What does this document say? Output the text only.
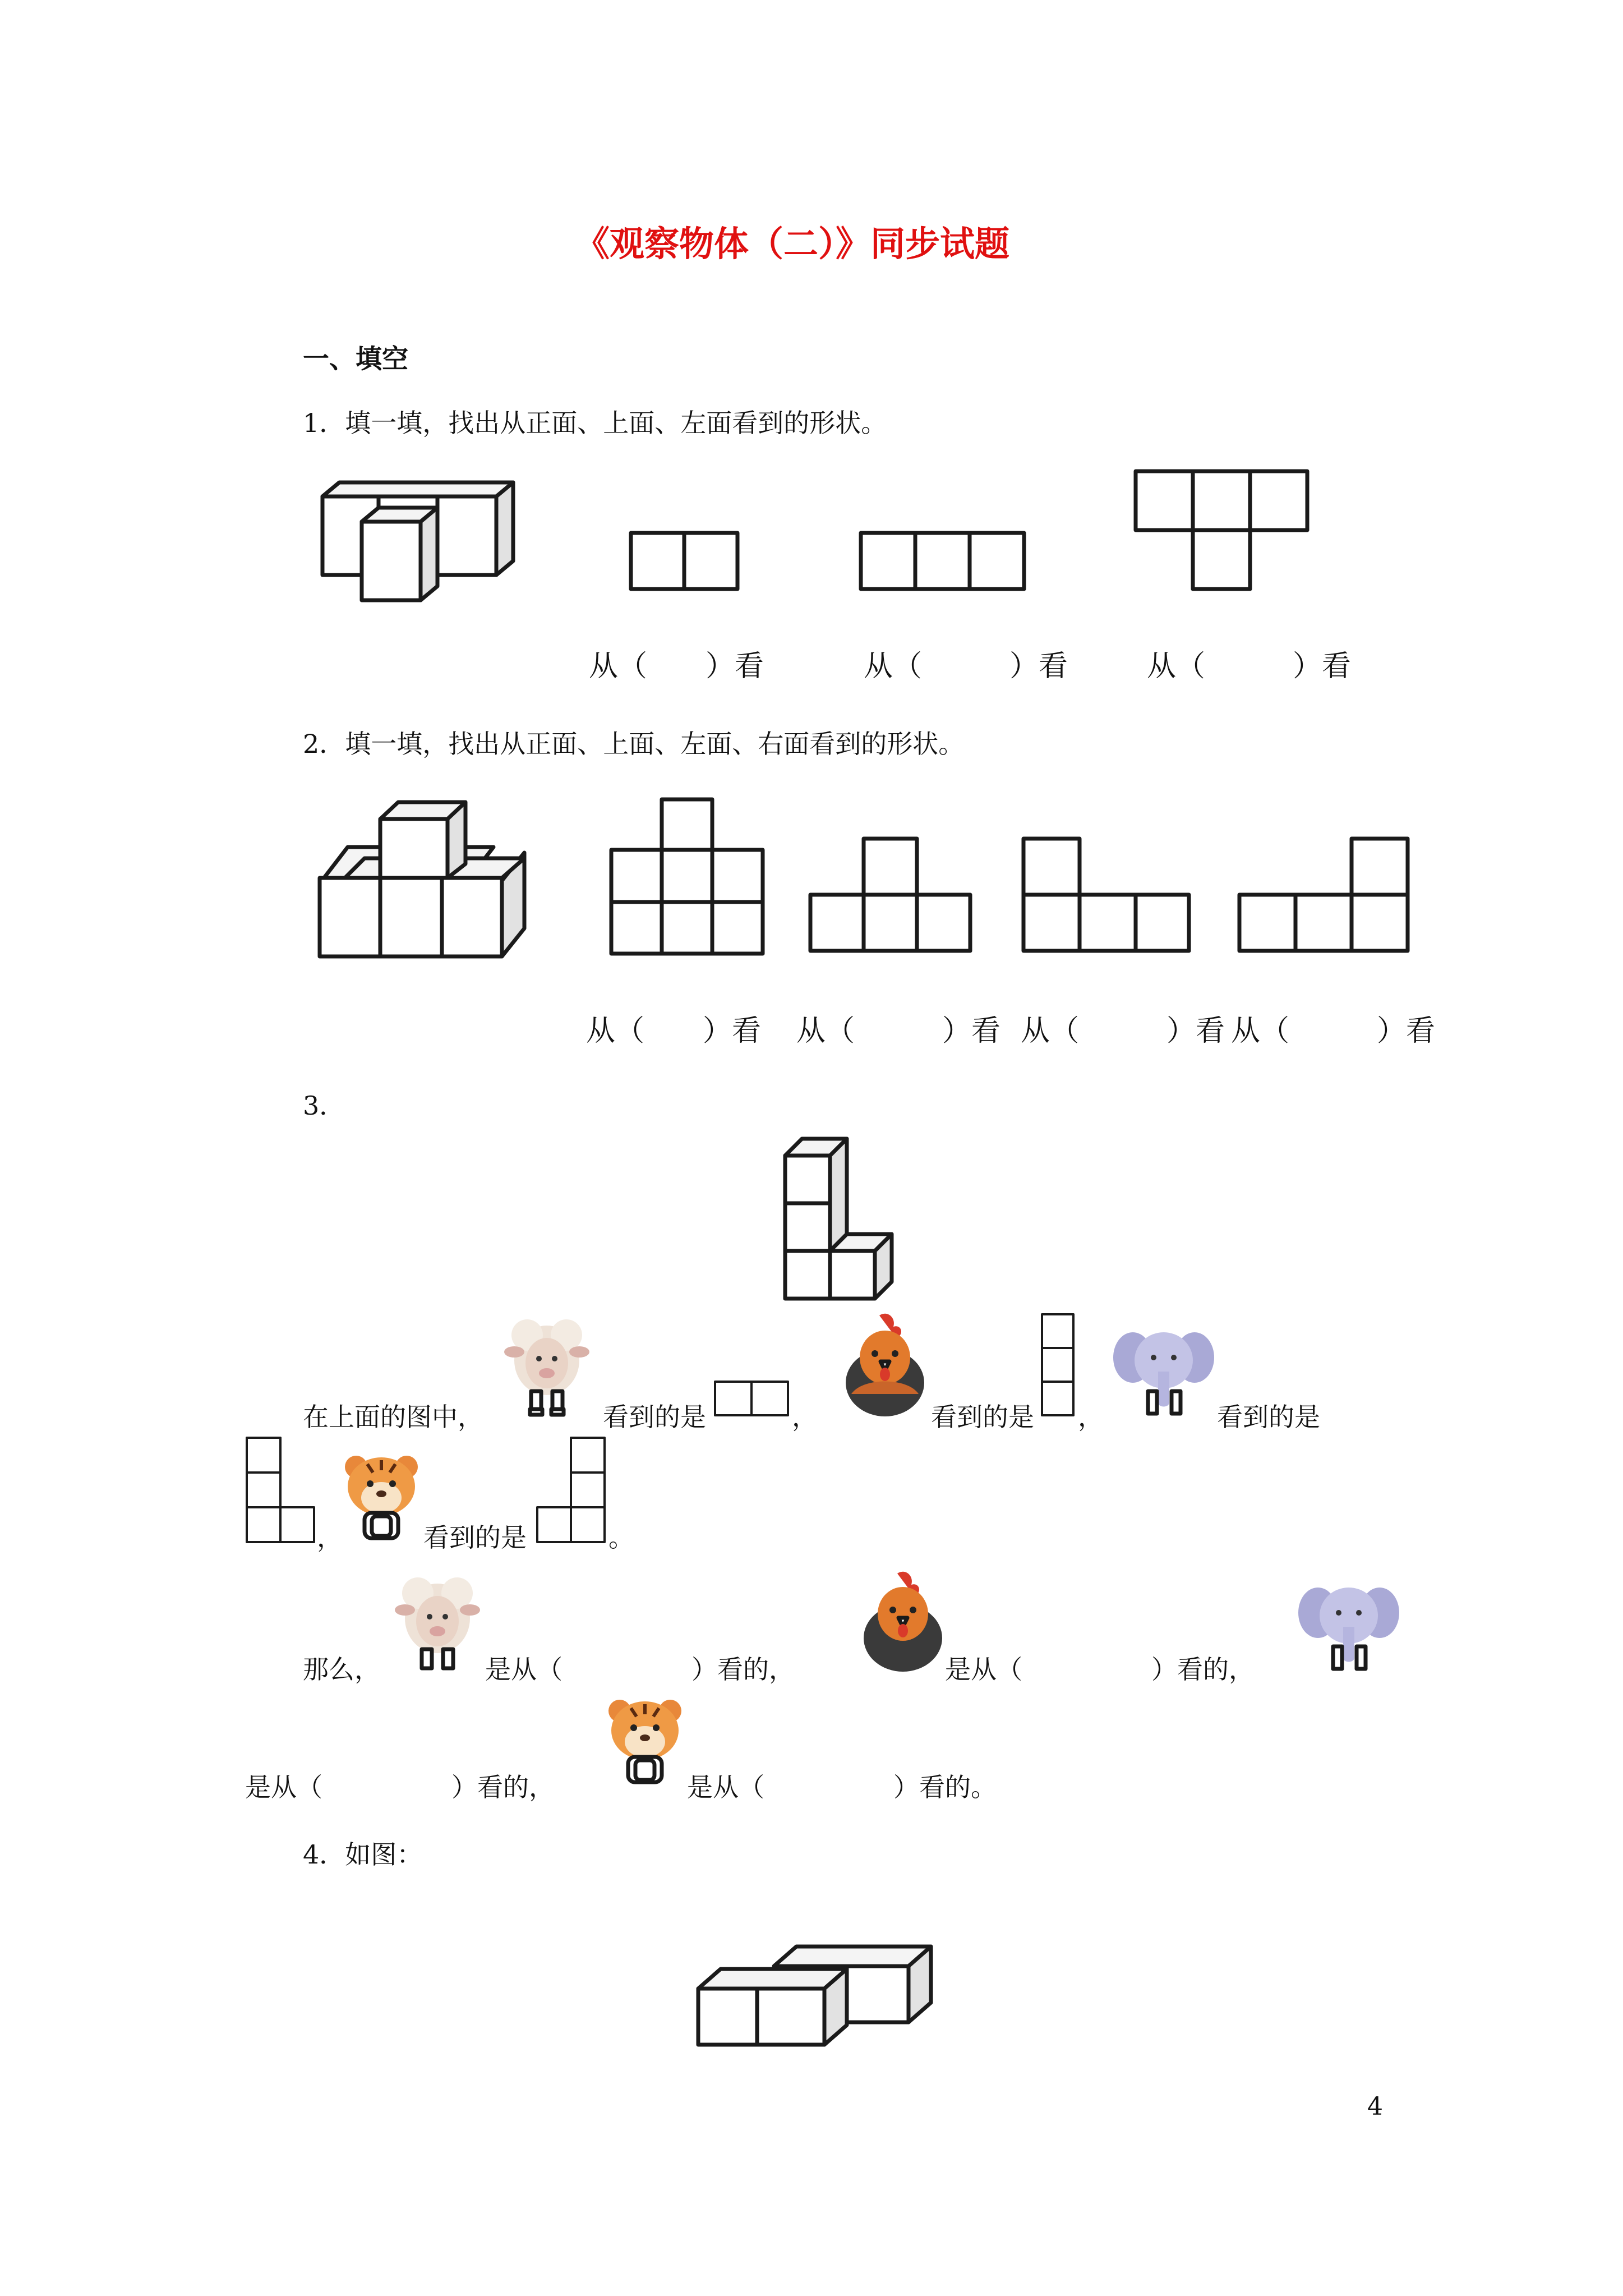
《观察物体（二）》同步试题
一、填空
1．填一填，找出从正面、上面、左面看到的形状。
从（　　）看	从（　　　）看	从（　　　）看
2．填一填，找出从正面、上面、左面、右面看到的形状。
从（　　）看 从（　　　）看 从（　　　）看 从（　　　）看
3．
在上面的图中，	看到的是	，	看到的是 ，	看到的是
，	看到的是	。
那么，	是从（　　　　　）看的，	是从（　　　　　）看的，
是从（　　　　　）看的，	是从（　　　　　）看的。
4．如图：
4
